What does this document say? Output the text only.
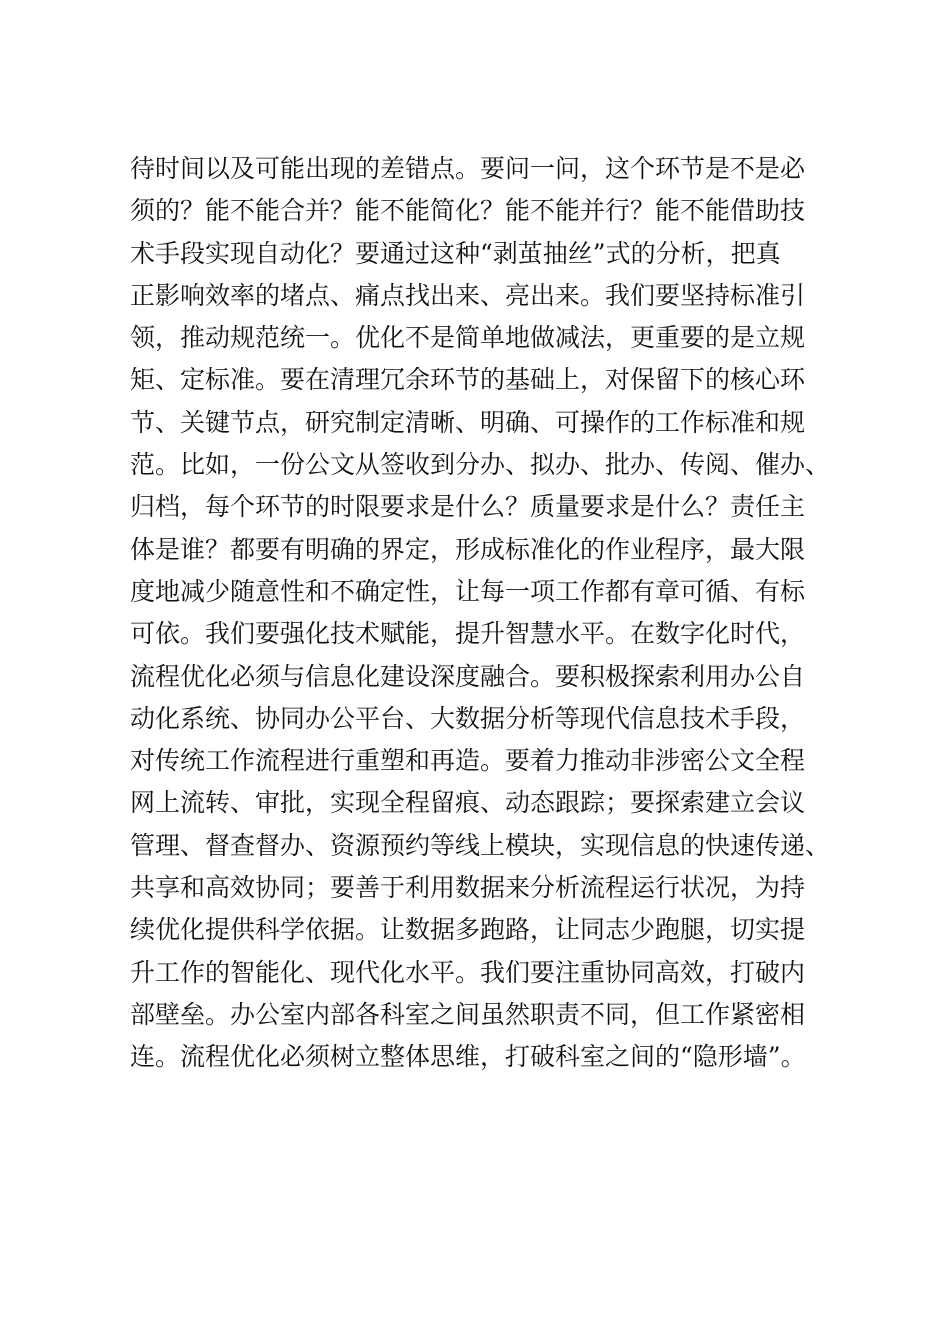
待时间以及可能出现的差错点。要问一问，这个环节是不是必
须的？能不能合并？能不能简化？能不能并行？能不能借助技
术手段实现自动化？要通过这种“剥茧抽丝”式的分析，把真
正影响效率的堵点、痛点找出来、亮出来。我们要坚持标准引
领，推动规范统一。优化不是简单地做减法，更重要的是立规
矩、定标准。要在清理冗余环节的基础上，对保留下的核心环
节、关键节点，研究制定清晰、明确、可操作的工作标准和规
范。比如，一份公文从签收到分办、拟办、批办、传阅、催办、
归档，每个环节的时限要求是什么？质量要求是什么？责任主
体是谁？都要有明确的界定，形成标准化的作业程序，最大限
度地减少随意性和不确定性，让每一项工作都有章可循、有标
可依。我们要强化技术赋能，提升智慧水平。在数字化时代，
流程优化必须与信息化建设深度融合。要积极探索利用办公自
动化系统、协同办公平台、大数据分析等现代信息技术手段，
对传统工作流程进行重塑和再造。要着力推动非涉密公文全程
网上流转、审批，实现全程留痕、动态跟踪；要探索建立会议
管理、督查督办、资源预约等线上模块，实现信息的快速传递、
共享和高效协同；要善于利用数据来分析流程运行状况，为持
续优化提供科学依据。让数据多跑路，让同志少跑腿，切实提
升工作的智能化、现代化水平。我们要注重协同高效，打破内
部壁垒。办公室内部各科室之间虽然职责不同，但工作紧密相
连。流程优化必须树立整体思维，打破科室之间的“隐形墙”。
